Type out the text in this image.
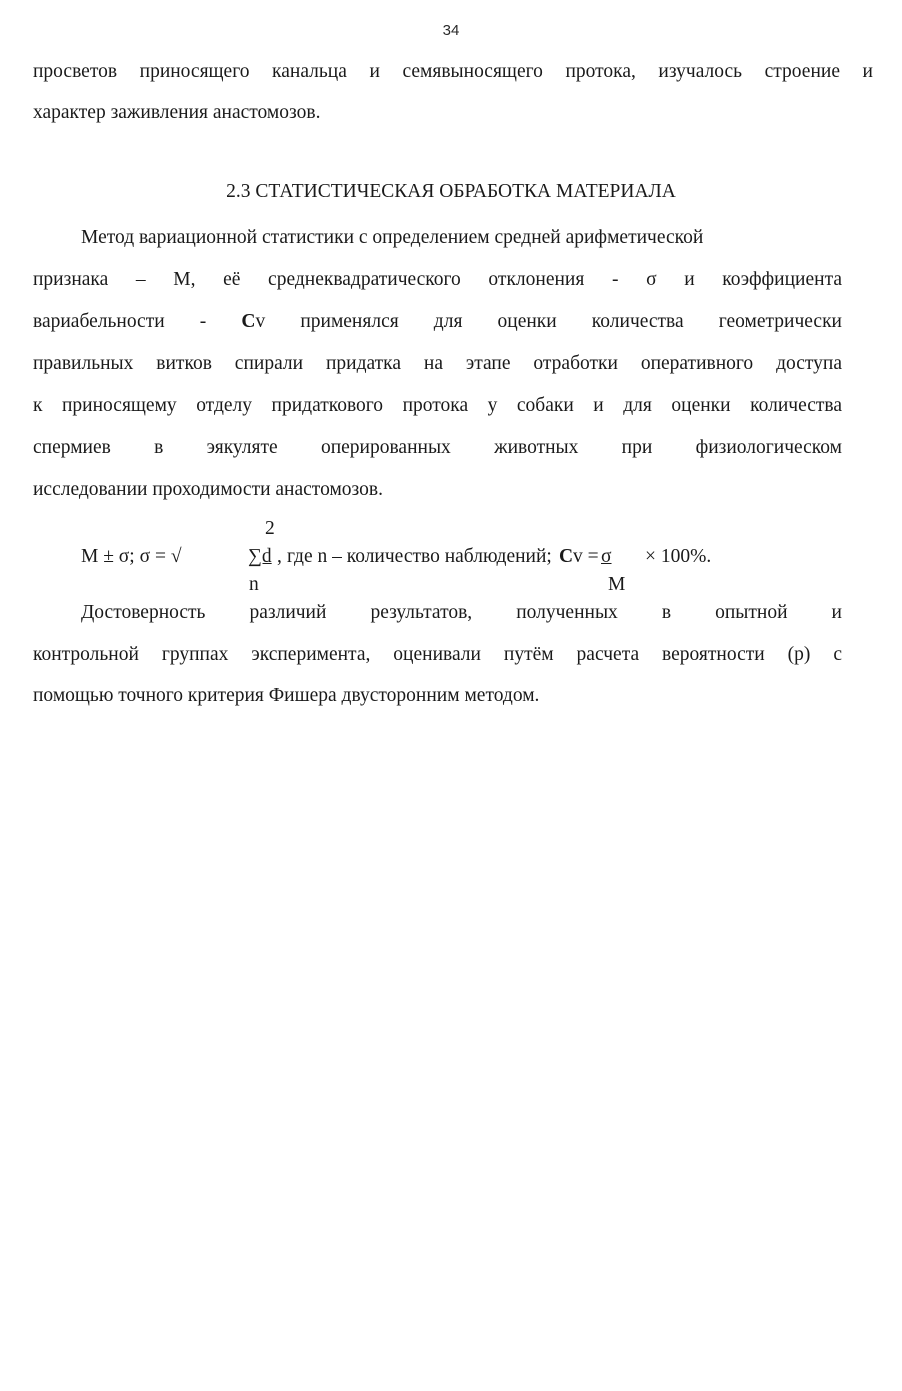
34
просветов приносящего канальца и семявыносящего протока, изучалось строение и
характер заживления анастомозов.
2.3 СТАТИСТИЧЕСКАЯ ОБРАБОТКА МАТЕРИАЛА
Метод вариационной статистики с определением средней арифметической
признака – М, её среднеквадратического отклонения - σ и коэффициента
вариабельности - Cv применялся для оценки количества геометрически
правильных витков спирали придатка на этапе отработки оперативного доступа
к приносящему отделу придаткового протока у собаки и для оценки количества
спермиев в эякуляте оперированных животных при физиологическом
исследовании проходимости анастомозов.
М ± σ; σ = √
2
∑d ,
n
где n – количество наблюдений; C v = σ	× 100%.
М
Достоверность различий результатов, полученных в опытной и
контрольной группах эксперимента, оценивали путём расчета вероятности (р) с
помощью точного критерия Фишера двусторонним методом.
